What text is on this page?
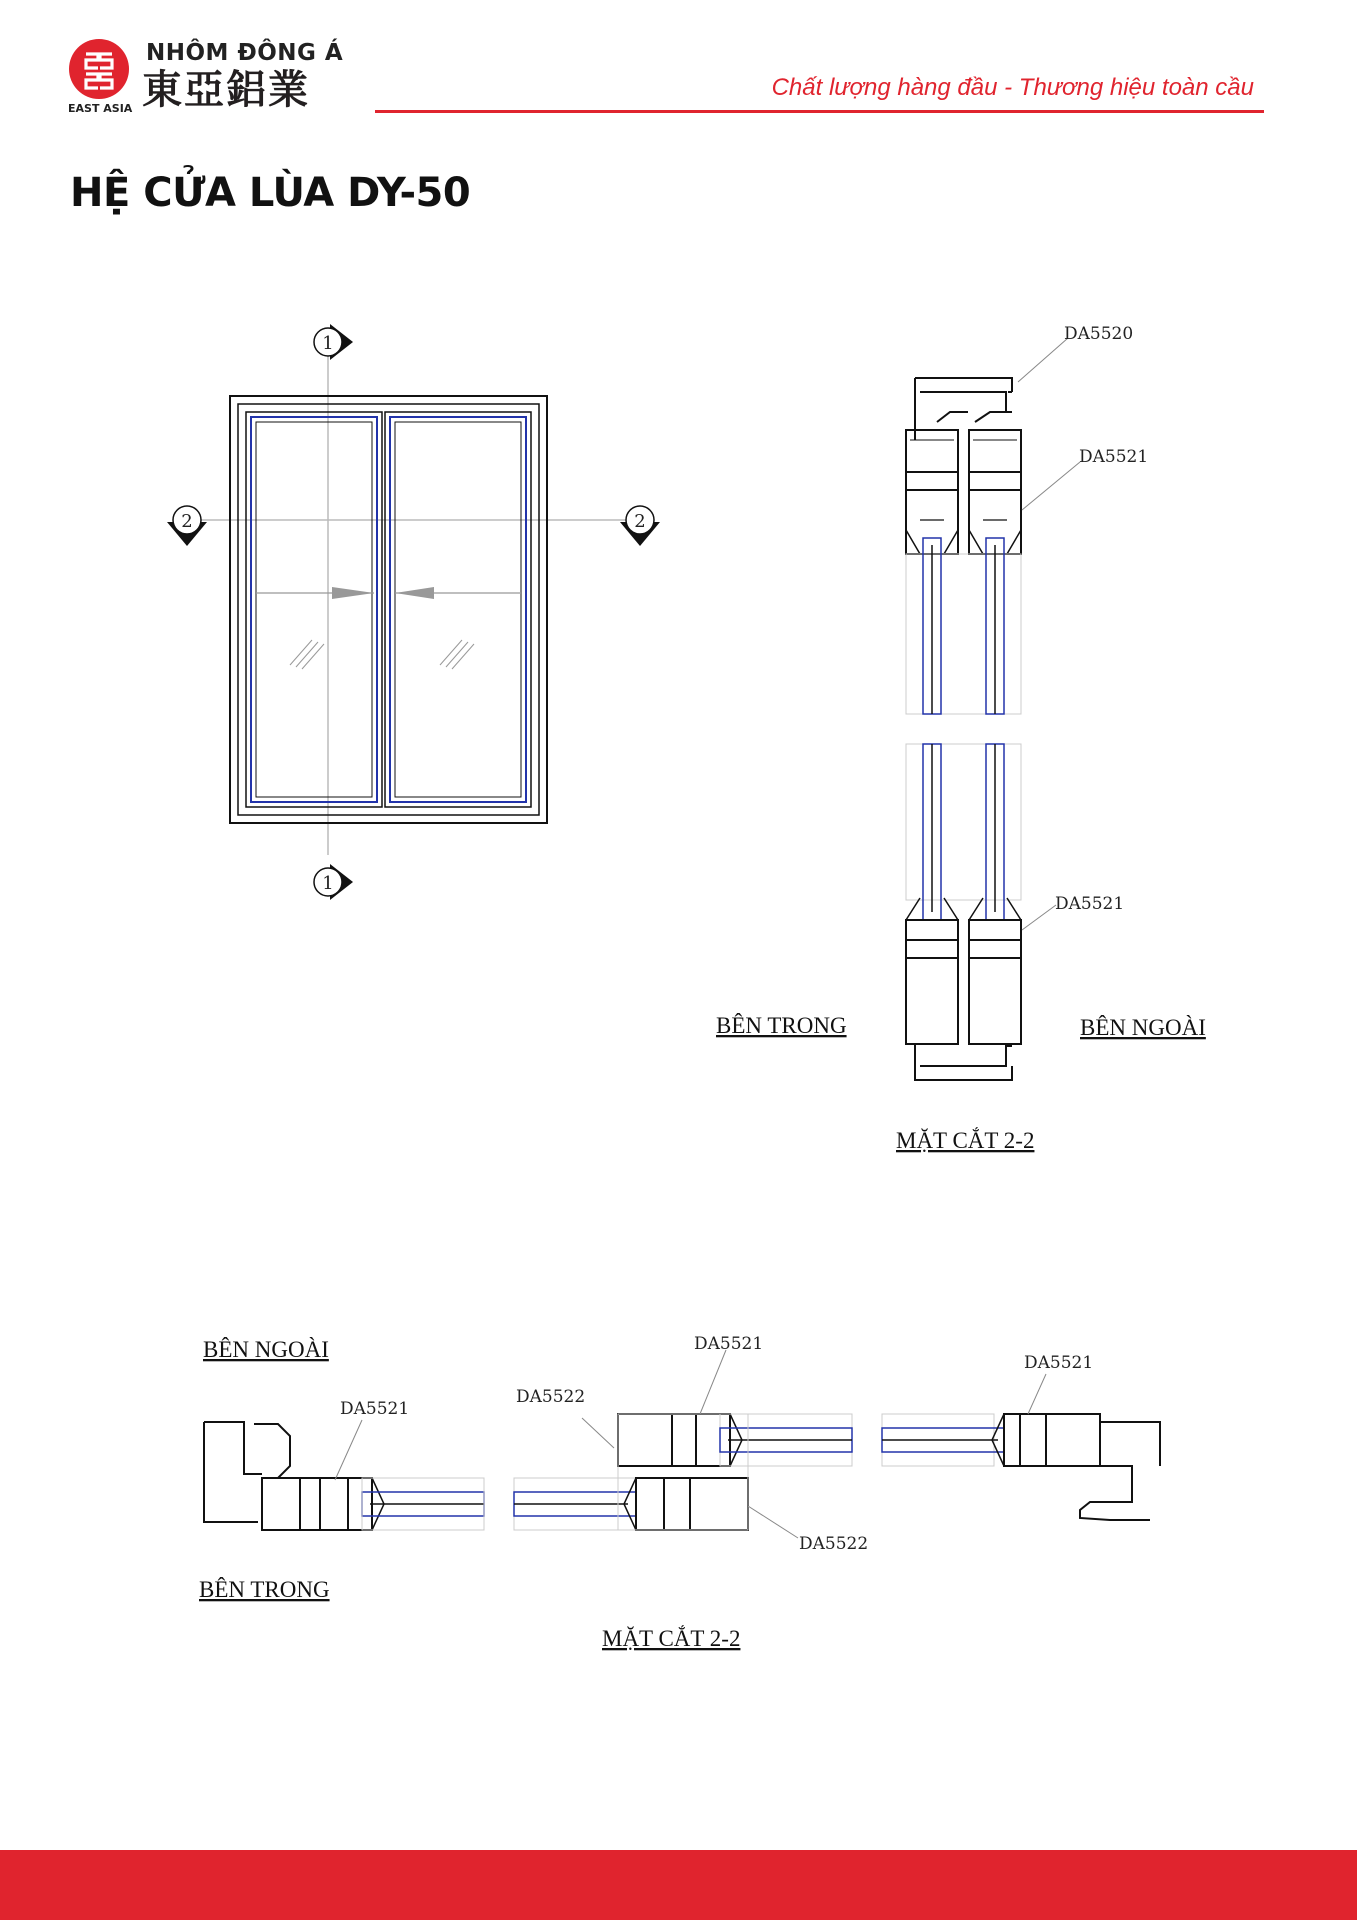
NHÔM ĐÔNG Á
東亞鋁業
EAST ASIA
Chất lượng hàng đầu - Thương hiệu toàn cầu
HỆ CỬA LÙA DY-50
1
1
2	2
DA5520
DA5521
DA5521
BÊN TRONG	BÊN NGOÀI
MẶT CẮT 2-2
DA5521
DA5521
DA5522
DA5522
DA5521
BÊN NGOÀI
BÊN TRONG
MẶT CẮT 2-2
